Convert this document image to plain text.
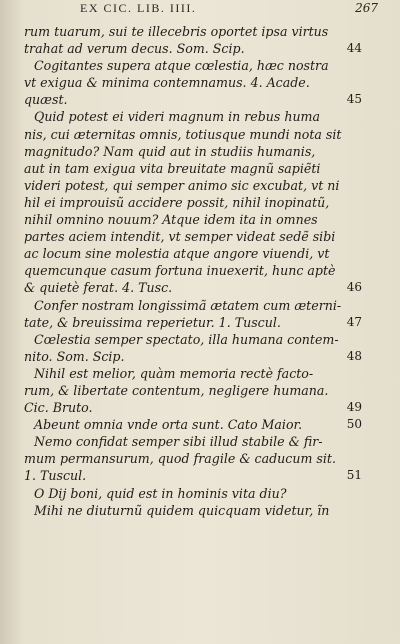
EX CIC. LIB. IIII.	267
rum tuarum, sui te illecebris oportet ipsa virtus
trahat ad verum decus. Som. Scip.	44
Cogitantes supera atque cœlestia, hæc nostra
vt exigua & minima contemnamus. 4. Acade.
quæst.	45
Quid potest ei videri magnum in rebus huma
nis, cui æternitas omnis, totiusque mundi nota sit
magnitudo? Nam quid aut in studiis humanis,
aut in tam exigua vita breuitate magnũ sapiẽti
videri potest, qui semper animo sic excubat, vt ni
hil ei improuisũ accidere possit, nihil inopinatũ,
nihil omnino nouum? Atque idem ita in omnes
partes aciem intendit, vt semper videat sedẽ sibi
ac locum sine molestia atque angore viuendi, vt
quemcunque casum fortuna inuexerit, hunc aptè
& quietè ferat. 4. Tusc.	46
Confer nostram longissimã ætatem cum æterni-
tate, & breuissima reperietur. 1. Tuscul.	47
Cœlestia semper spectato, illa humana contem-
nito. Som. Scip.	48
Nihil est melior, quàm memoria rectè facto-
rum, & libertate contentum, negligere humana.
Cic. Bruto.	49
Abeunt omnia vnde orta sunt. Cato Maior.	50
Nemo confidat semper sibi illud stabile & fir-
mum permansurum, quod fragile & caducum sit.
1. Tuscul.	51
O Dij boni, quid est in hominis vita diu?
Mihi ne diuturnũ quidem quicquam videtur, ĩn
